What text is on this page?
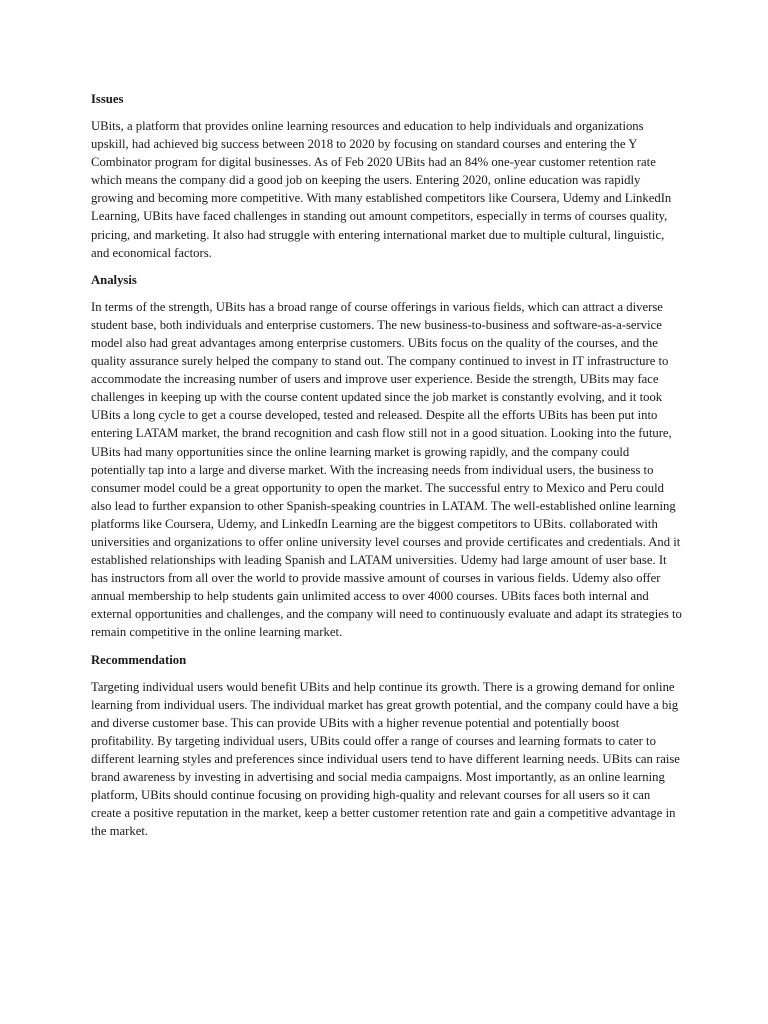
Issues

UBits, a platform that provides online learning resources and education to help individuals and organizations upskill, had achieved big success between 2018 to 2020 by focusing on standard courses and entering the Y Combinator program for digital businesses. As of Feb 2020 UBits had an 84% one-year customer retention rate which means the company did a good job on keeping the users. Entering 2020, online education was rapidly growing and becoming more competitive. With many established competitors like Coursera, Udemy and LinkedIn Learning, UBits have faced challenges in standing out amount competitors, especially in terms of courses quality, pricing, and marketing. It also had struggle with entering international market due to multiple cultural, linguistic, and economical factors.

Analysis

In terms of the strength, UBits has a broad range of course offerings in various fields, which can attract a diverse student base, both individuals and enterprise customers. The new business-to-business and software-as-a-service model also had great advantages among enterprise customers. UBits focus on the quality of the courses, and the quality assurance surely helped the company to stand out. The company continued to invest in IT infrastructure to accommodate the increasing number of users and improve user experience. Beside the strength, UBits may face challenges in keeping up with the course content updated since the job market is constantly evolving, and it took UBits a long cycle to get a course developed, tested and released. Despite all the efforts UBits has been put into entering LATAM market, the brand recognition and cash flow still not in a good situation. Looking into the future, UBits had many opportunities since the online learning market is growing rapidly, and the company could potentially tap into a large and diverse market. With the increasing needs from individual users, the business to consumer model could be a great opportunity to open the market. The successful entry to Mexico and Peru could also lead to further expansion to other Spanish-speaking countries in LATAM. The well-established online learning platforms like Coursera, Udemy, and LinkedIn Learning are the biggest competitors to UBits. collaborated with universities and organizations to offer online university level courses and provide certificates and credentials. And it established relationships with leading Spanish and LATAM universities. Udemy had large amount of user base. It has instructors from all over the world to provide massive amount of courses in various fields. Udemy also offer annual membership to help students gain unlimited access to over 4000 courses. UBits faces both internal and external opportunities and challenges, and the company will need to continuously evaluate and adapt its strategies to remain competitive in the online learning market.

Recommendation

Targeting individual users would benefit UBits and help continue its growth. There is a growing demand for online learning from individual users. The individual market has great growth potential, and the company could have a big and diverse customer base. This can provide UBits with a higher revenue potential and potentially boost profitability. By targeting individual users, UBits could offer a range of courses and learning formats to cater to different learning styles and preferences since individual users tend to have different learning needs. UBits can raise brand awareness by investing in advertising and social media campaigns. Most importantly, as an online learning platform, UBits should continue focusing on providing high-quality and relevant courses for all users so it can create a positive reputation in the market, keep a better customer retention rate and gain a competitive advantage in the market.
